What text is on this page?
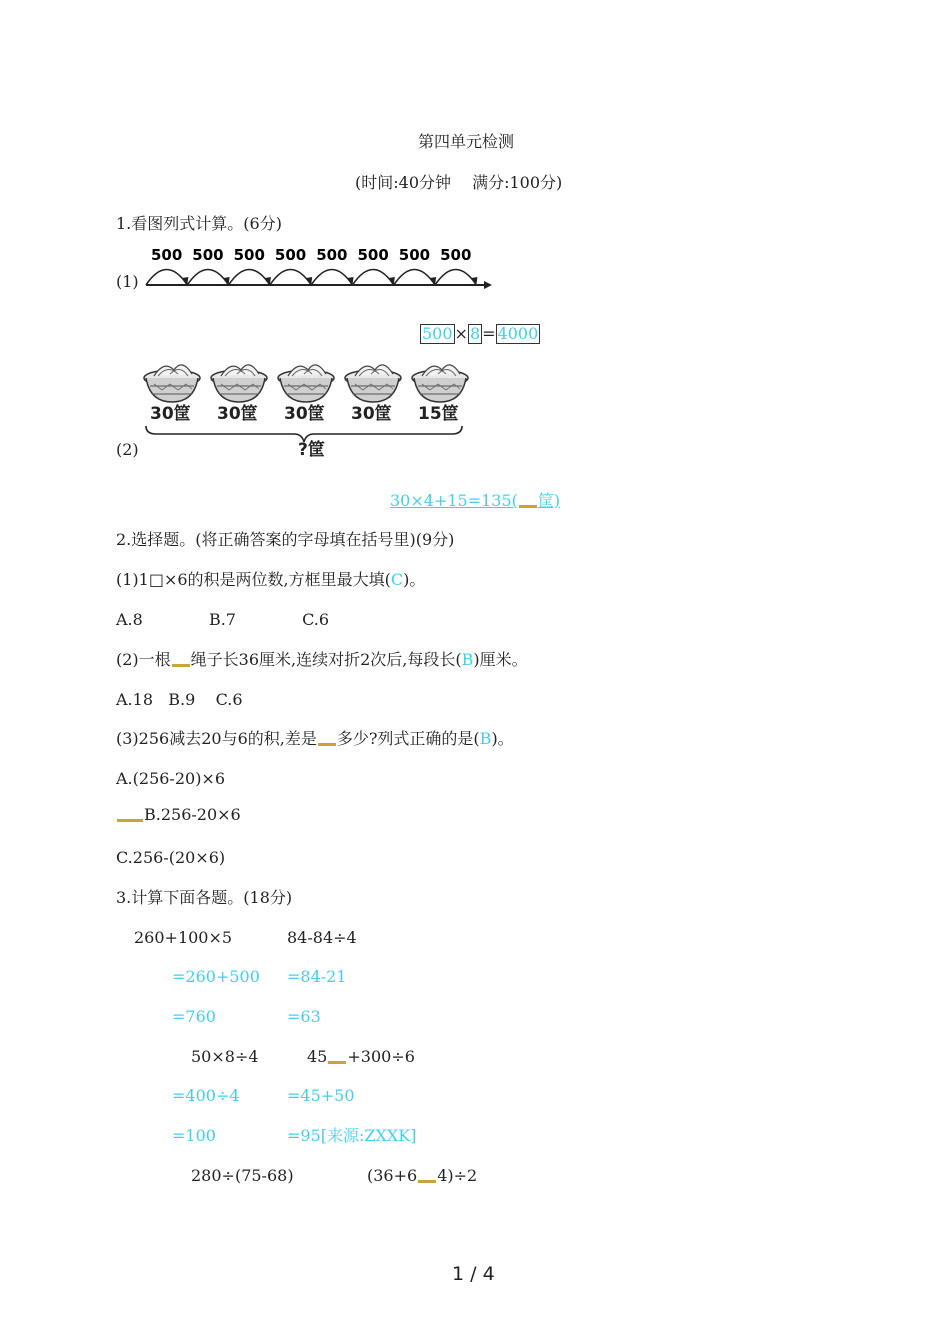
第四单元检测
(时间:40分钟　 满分:100分)
1.看图列式计算。(6分)
500 500 500 500 500 500 500 500
(1)
500 × 8 = 4000
30筐 30筐 30筐 30筐 15筐
?筐
(2)
30×4+15=135( 筐)
2.选择题。(将正确答案的字母填在括号里)(9分)
(1)1□×6的积是两位数,方框里最大填(C)。
A.8             B.7             C.6
(2)一根 绳子长36厘米,连续对折2次后,每段长(B)厘米。
A.18   B.9    C.6
(3)256减去20与6的积,差是 多少?列式正确的是(B)。
A.(256-20)×6
B.256-20×6
C.256-(20×6)
3.计算下面各题。(18分)
260+100×5	84-84÷4
=260+500 =84-21
=760	=63
50×8÷4	45 +300÷6
=400÷4	=45+50
=100	=95[来源:ZXXK]
280÷(75-68)	(36+6 4)÷2
1 / 4
